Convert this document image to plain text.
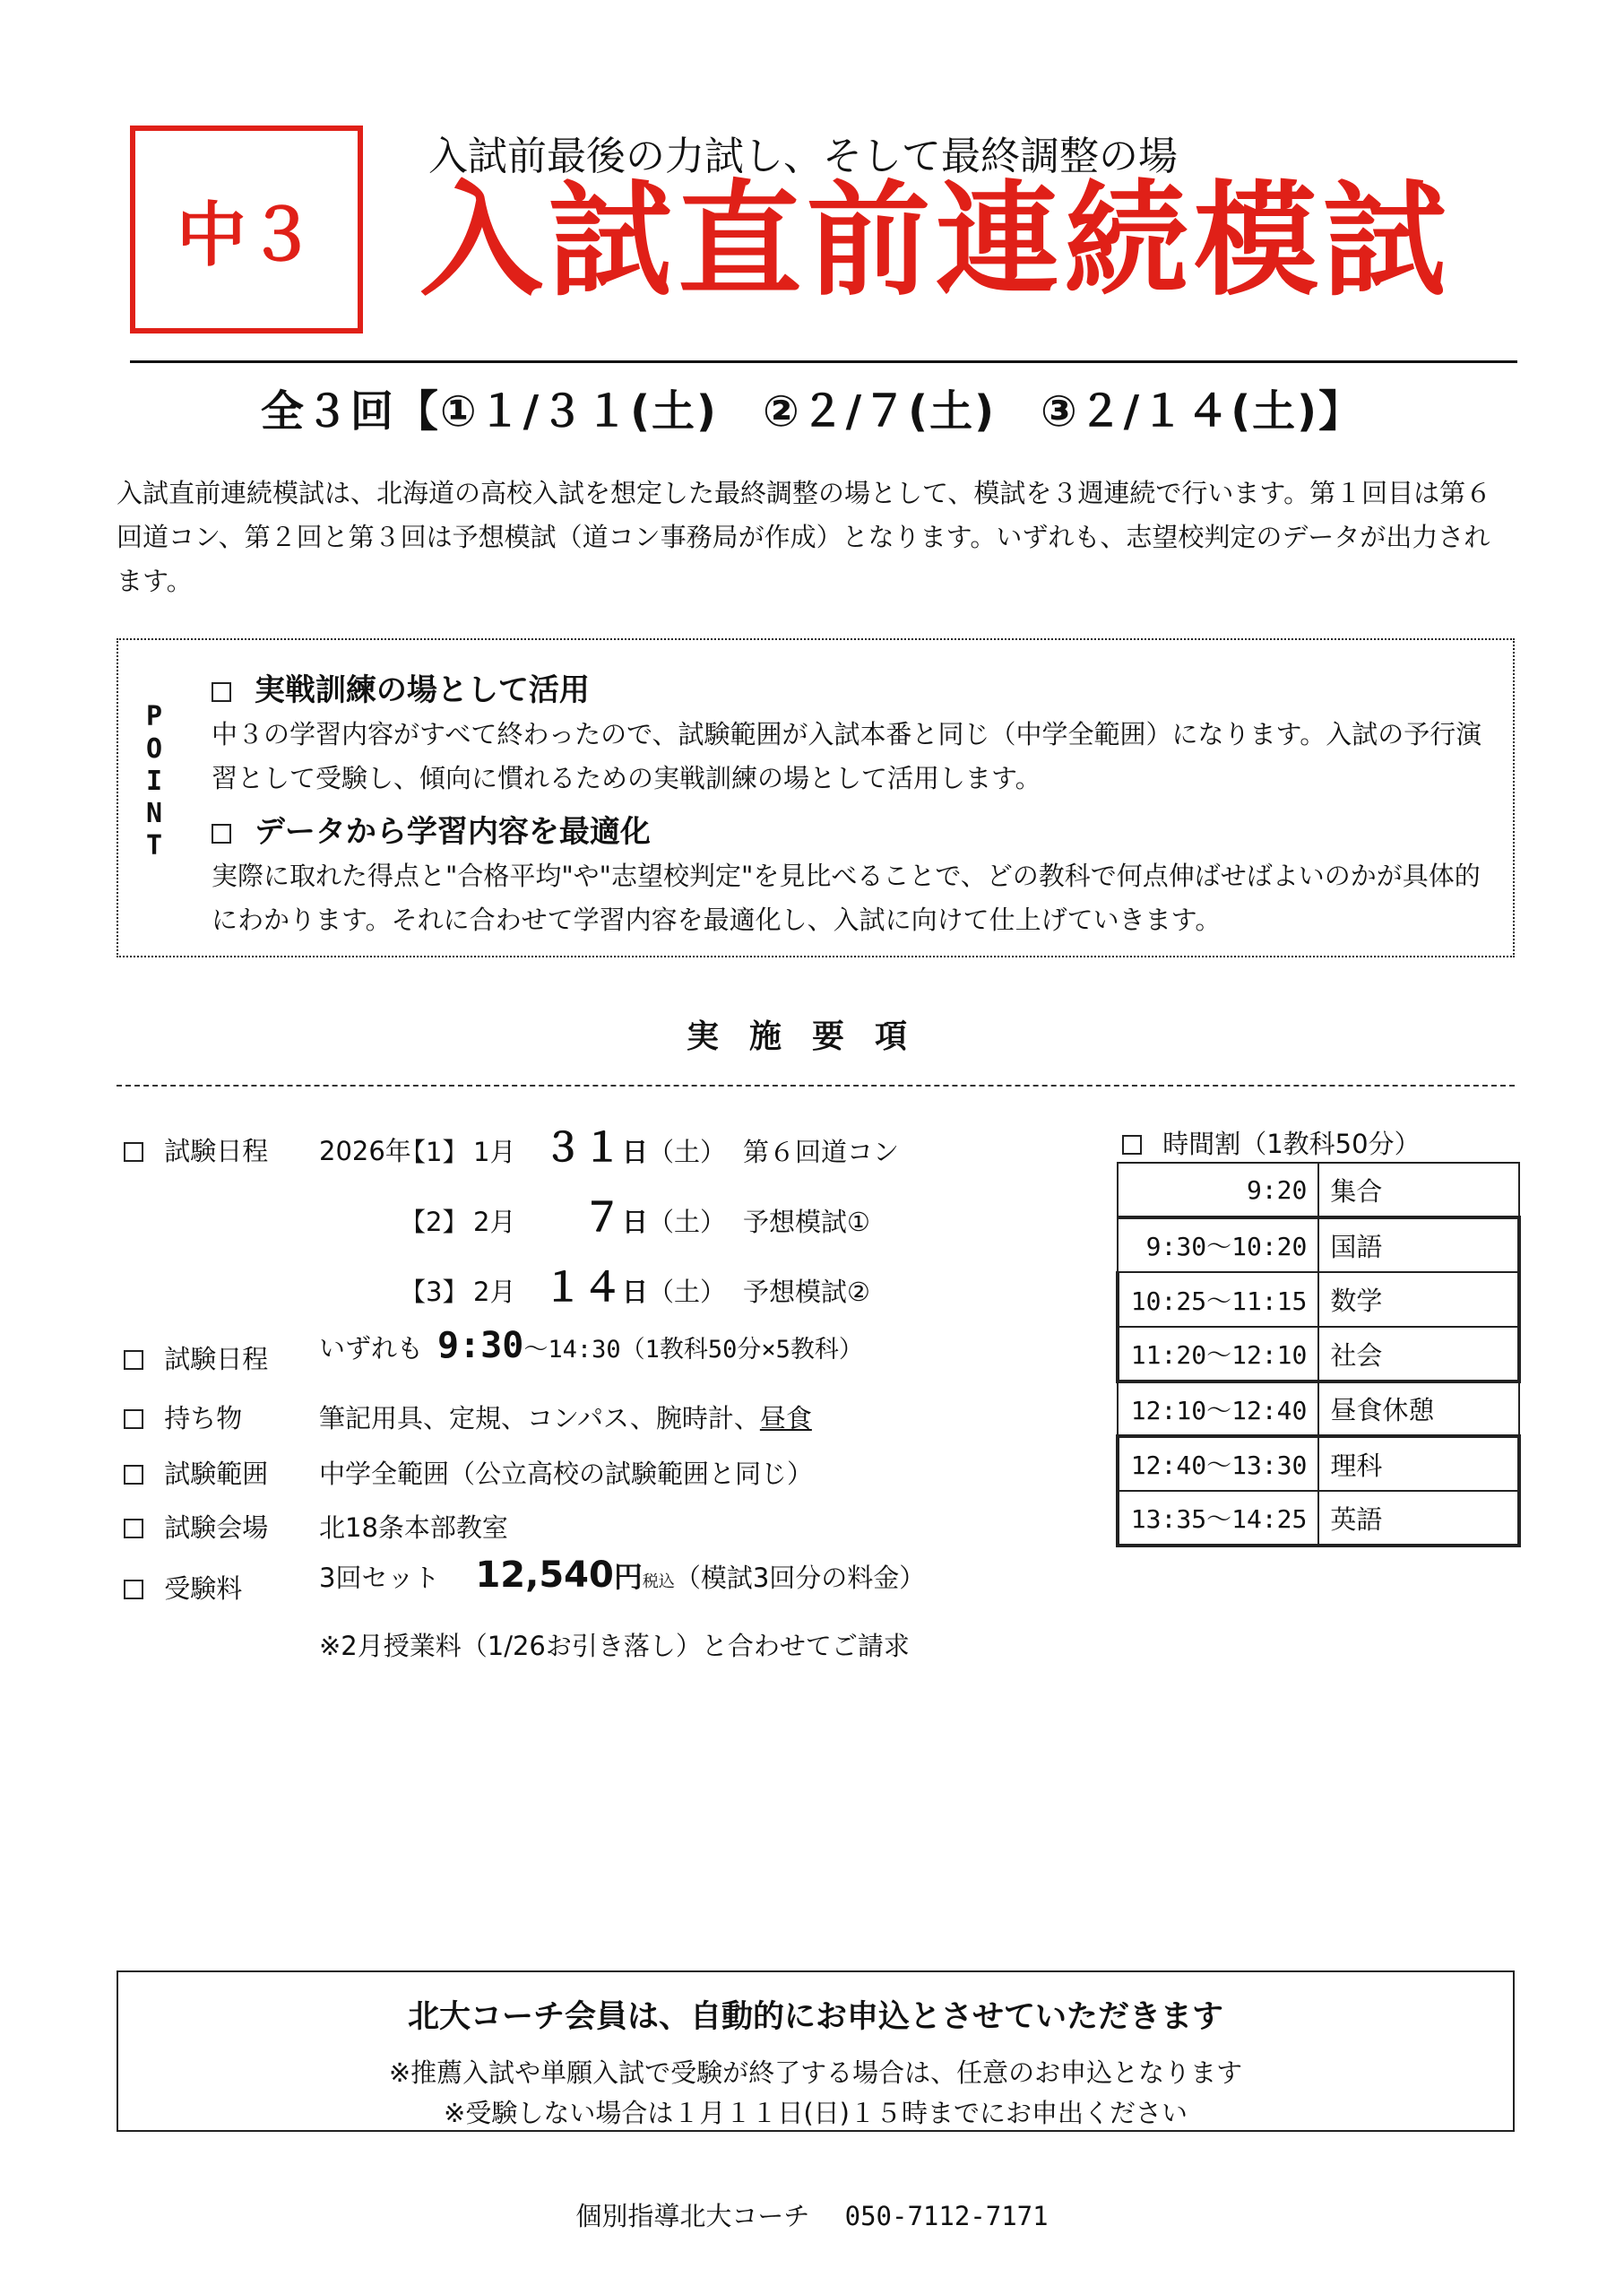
中３
入試前最後の力試し、そして最終調整の場
入試直前連続模試
全３回【①１/３１(土)　②２/７(土)　③２/１４(土)】
入試直前連続模試は、北海道の高校入試を想定した最終調整の場として、模試を３週連続で行います。第１回目は第６回道コン、第２回と第３回は予想模試（道コン事務局が作成）となります。いずれも、志望校判定のデータが出力されます。
P
O
I
N
T
実戦訓練の場として活用
中３の学習内容がすべて終わったので、試験範囲が入試本番と同じ（中学全範囲）になります。入試の予行演習として受験し、傾向に慣れるための実戦訓練の場として活用します。
データから学習内容を最適化
実際に取れた得点と"合格平均"や"志望校判定"を見比べることで、どの教科で何点伸ばせばよいのかが具体的にわかります。それに合わせて学習内容を最適化し、入試に向けて仕上げていきます。
実施要項
試験日程 2026年
【1】 1月 ３１ 日 （土） 第６回道コン
【2】 2月	７ 日 （土） 予想模試①
【3】 2月 １４ 日 （土） 予想模試②
試験日程 いずれも 9:30 ～14:30（1教科50分×5教科）
持ち物	筆記用具、定規、コンパス、腕時計、昼食
試験範囲 中学全範囲（公立高校の試験範囲と同じ）
試験会場 北18条本部教室
受験料	3回セット 12,540 円 税込 （模試3回分の料金）
※2月授業料（1/26お引き落し）と合わせてご請求
時間割（1教科50分）
9:20	集合
9:30～10:20	国語
10:25～11:15	数学
11:20～12:10	社会
12:10～12:40	昼食休憩
12:40～13:30	理科
13:35～14:25	英語
北大コーチ会員は、自動的にお申込とさせていただきます
※推薦入試や単願入試で受験が終了する場合は、任意のお申込となります
※受験しない場合は１月１１日(日)１５時までにお申出ください
個別指導北大コーチ 050-7112-7171
